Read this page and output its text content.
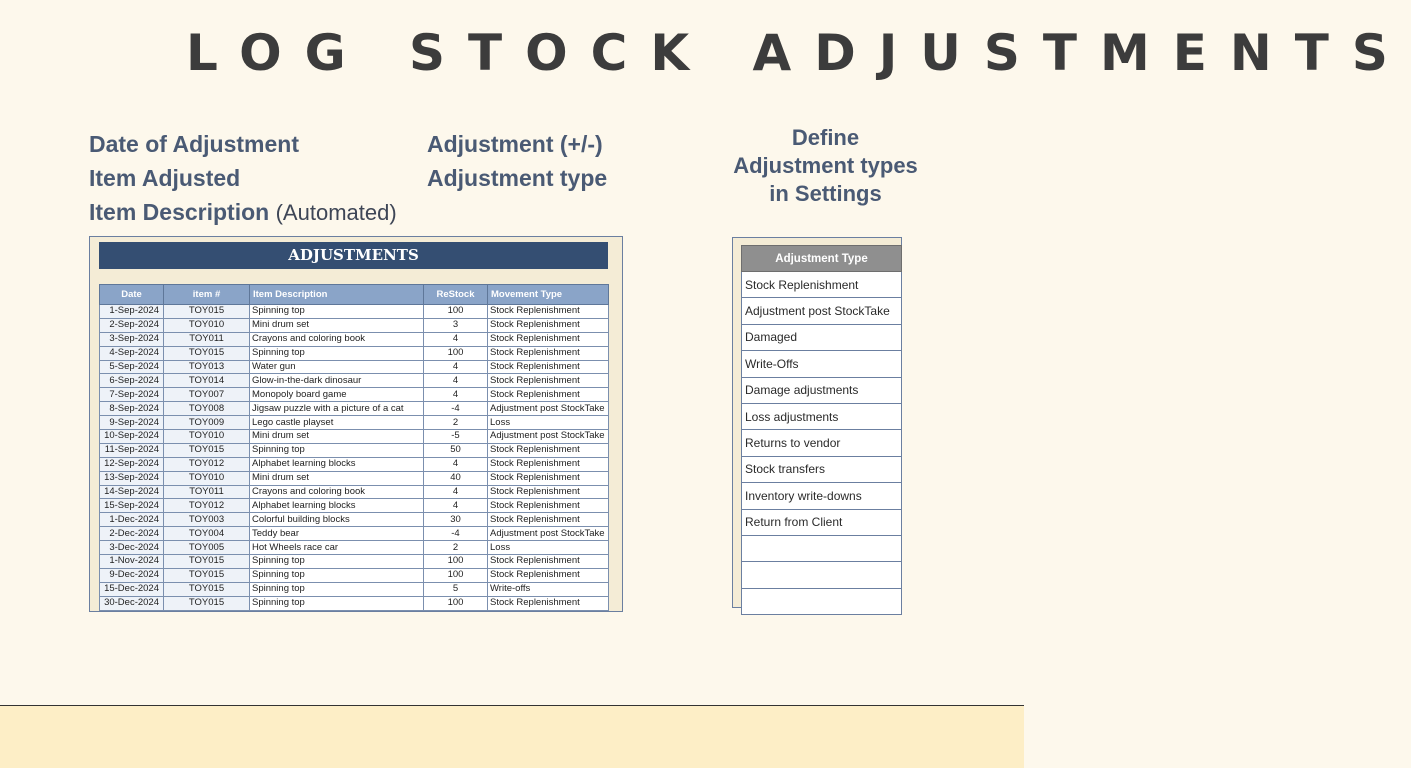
LOG STOCK ADJUSTMENTS
Date of Adjustment
Item Adjusted
Item Description (Automated)
Adjustment (+/-)
Adjustment type
Define
Adjustment types
in Settings
ADJUSTMENTS
Date	item #	Item Description	ReStock	Movement Type
1-Sep-2024	TOY015	Spinning top	100	Stock Replenishment
2-Sep-2024	TOY010	Mini drum set	3	Stock Replenishment
3-Sep-2024	TOY011	Crayons and coloring book	4	Stock Replenishment
4-Sep-2024	TOY015	Spinning top	100	Stock Replenishment
5-Sep-2024	TOY013	Water gun	4	Stock Replenishment
6-Sep-2024	TOY014	Glow-in-the-dark dinosaur	4	Stock Replenishment
7-Sep-2024	TOY007	Monopoly board game	4	Stock Replenishment
8-Sep-2024	TOY008	Jigsaw puzzle with a picture of a cat	-4	Adjustment post StockTake
9-Sep-2024	TOY009	Lego castle playset	2	Loss
10-Sep-2024	TOY010	Mini drum set	-5	Adjustment post StockTake
11-Sep-2024	TOY015	Spinning top	50	Stock Replenishment
12-Sep-2024	TOY012	Alphabet learning blocks	4	Stock Replenishment
13-Sep-2024	TOY010	Mini drum set	40	Stock Replenishment
14-Sep-2024	TOY011	Crayons and coloring book	4	Stock Replenishment
15-Sep-2024	TOY012	Alphabet learning blocks	4	Stock Replenishment
1-Dec-2024	TOY003	Colorful building blocks	30	Stock Replenishment
2-Dec-2024	TOY004	Teddy bear	-4	Adjustment post StockTake
3-Dec-2024	TOY005	Hot Wheels race car	2	Loss
1-Nov-2024	TOY015	Spinning top	100	Stock Replenishment
9-Dec-2024	TOY015	Spinning top	100	Stock Replenishment
15-Dec-2024	TOY015	Spinning top	5	Write-offs
30-Dec-2024	TOY015	Spinning top	100	Stock Replenishment
Adjustment Type
Stock Replenishment
Adjustment post StockTake
Damaged
Write-Offs
Damage adjustments
Loss adjustments
Returns to vendor
Stock transfers
Inventory write-downs
Return from Client
